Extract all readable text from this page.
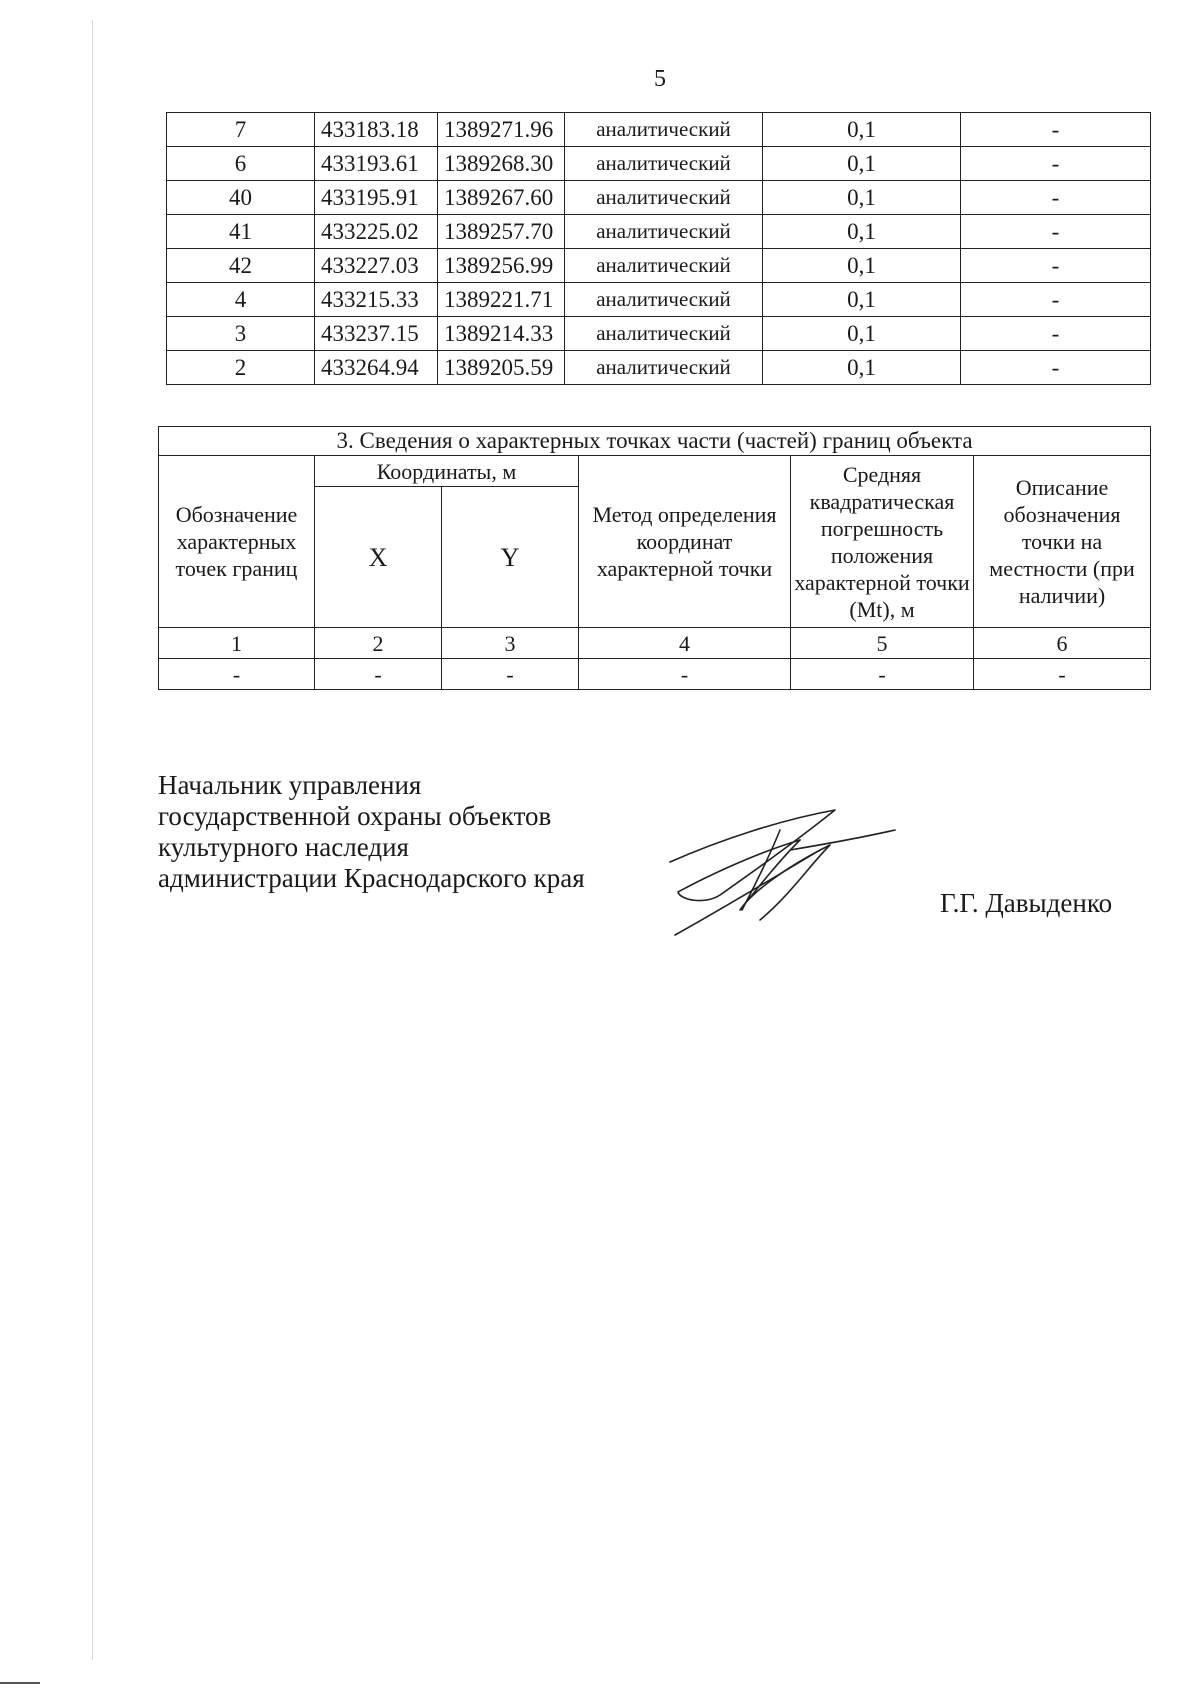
5
7	433183.18	1389271.96	аналитический	0,1	-
6	433193.61	1389268.30	аналитический	0,1	-
40	433195.91	1389267.60	аналитический	0,1	-
41	433225.02	1389257.70	аналитический	0,1	-
42	433227.03	1389256.99	аналитический	0,1	-
4	433215.33	1389221.71	аналитический	0,1	-
3	433237.15	1389214.33	аналитический	0,1	-
2	433264.94	1389205.59	аналитический	0,1	-
3. Сведения о характерных точках части (частей) границ объекта					
Обозначение характерных точек границ	Координаты, м		Метод определения координат характерной точки	Средняя квадратическая погрешность положения характерной точки (Mt), м	Описание обозначения точки на местности (при наличии)
	X	Y			
1	2	3	4	5	6
-	-	-	-	-	-
Начальник управления
государственной охраны объектов
культурного наследия
администрации Краснодарского края
Г.Г. Давыденко
